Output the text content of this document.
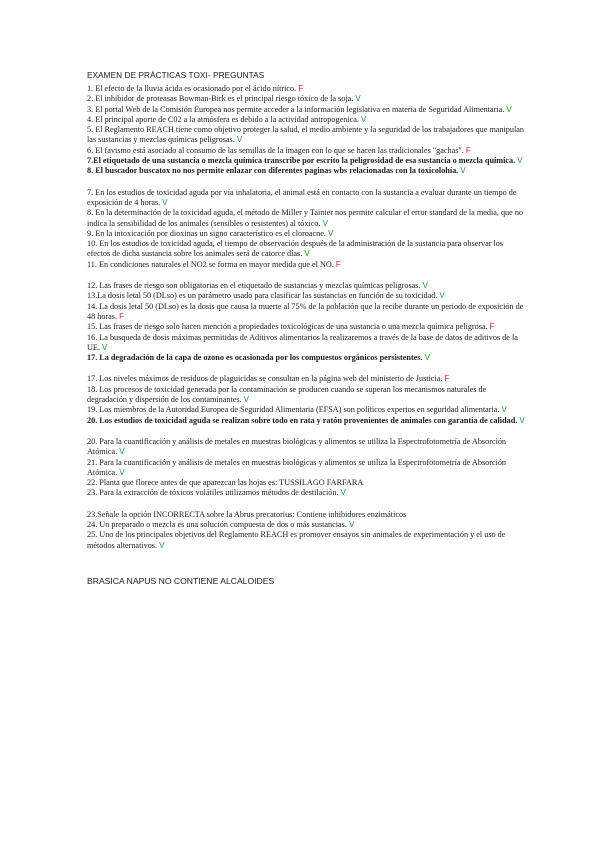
EXAMEN DE PRÁCTICAS TOXI- PREGUNTAS

1. El efecto de la lluvia ácida es ocasionado por el ácido nítrico. F

2. El inhibidor de proteasas Bowman-Birk es el principal riesgo tóxico de la soja. V

3. El portal Web de la Comisión Europea nos permite acceder a la información legislativa en materia de Seguridad Alimentaria. V

4. El principal aporte de C02 a la atmósfera es debido a la actividad antropogenica. V

5. El Reglamento REACH tiene como objetivo proteger la salud, el medio ambiente y la seguridad de los trabajadores que manipulan las sustancias y mezclas químicas peligrosas. V

6. El favismo está asociado al consumo de las semillas de la imagen con lo que se hacen las tradicionales "gachas". F

7.El etiquetado de una sustancia o mezcla química transcribe por escrito la peligrosidad de esa sustancia o mezcla química. V

8. El buscador buscatox no nos permite enlazar con diferentes paginas wbs relacionadas con la toxicolohía. V

7. En los estudios de toxicidad aguda por vía inhalatoria, el animal está en contacto con la sustancia a evaluar durante un tiempo de exposición de 4 horas. V

8. En la determinación de la toxicidad aguda, el método de Miller y Tainter nos permite calcular el error standard de la media, que no indica la sensibilidad de los animales (sensibles o resistentes) al tóxico. V

9. En la intoxicación por dioxinas un signo característico es el cloroacne. V

10. En los estudios de toxicidad aguda, el tiempo de observación después de la administración de la sustancia para observar los efectos de dicha sustancia sobre los animales será de catorce días. V

11. En condiciones naturales el NO2 se forma en mayor medida que el NO. F

12. Las frases de riesgo son obligatorias en el etiquetado de sustancias y mezclas químicas peligrosas. V

13.La dosis letal 50 (DLso) es un parámetro usado para clasificar las sustancias en función de su toxicidad. V

14. La dosis letal 50 (DLso) es la dosis que causa la muerte al 75% de la población que la recibe durante un periodo de exposición de 48 horas. F

15. Las frases de riesgo solo hacen mención a propiedades toxicológicas de una sustancia o una mezcla química peligrosa. F

16. La busqueda de dosis máximas permitidas de Aditivos alimentarios la realizaremos a través de la base de datos de aditivos de la UE. V

17. La degradación de la capa de ozono es ocasionada por los compuestos orgánicos persistentes. V

17. Los niveles máximos de residuos de plaguicidas se consultan en la página web del ministerio de Justicia. F

18. Los procesos de toxicidad generada por la contaminación se producen cuando se superan los mecanismos naturales de degradación y dispersión de los contaminantes. V

19. Los miembros de la Autoridad Europea de Seguridad Alimentaria (EFSA) son políticos expertos en seguridad alimentaria. V

20. Los estudios de toxicidad aguda se realizan sobre todo en rata y ratón provenientes de animales con garantía de calidad. V

20. Para la cuantificación y análisis de metales en muestras biológicas y alimentos se utiliza la Espectrofotometría de Absorción Atómica. V

21. Para la cuantificación y análisis de metales en muestras biológicas y alimentos se utiliza la Espectrofotometría de Absorción Atómica. V

22. Planta que florece antes de que aparezcan las hojas es: TUSSILAGO FARFARA

23. Para la extracción de tóxicos volátiles utilizamos métodos de destilación. V

23.Señale la opción INCORRECTA sobre la Abrus precatorius: Contiene inhibidores enzimáticos

24. Un preparado o mezcla es una solución compuesta de dos o más sustancias. V

25. Uno de los principales objetivos del Reglamento REACH es promover ensayos sin animales de experimentación y el uso de métodos alternativos. V

BRASICA NAPUS NO CONTIENE ALCALOIDES
